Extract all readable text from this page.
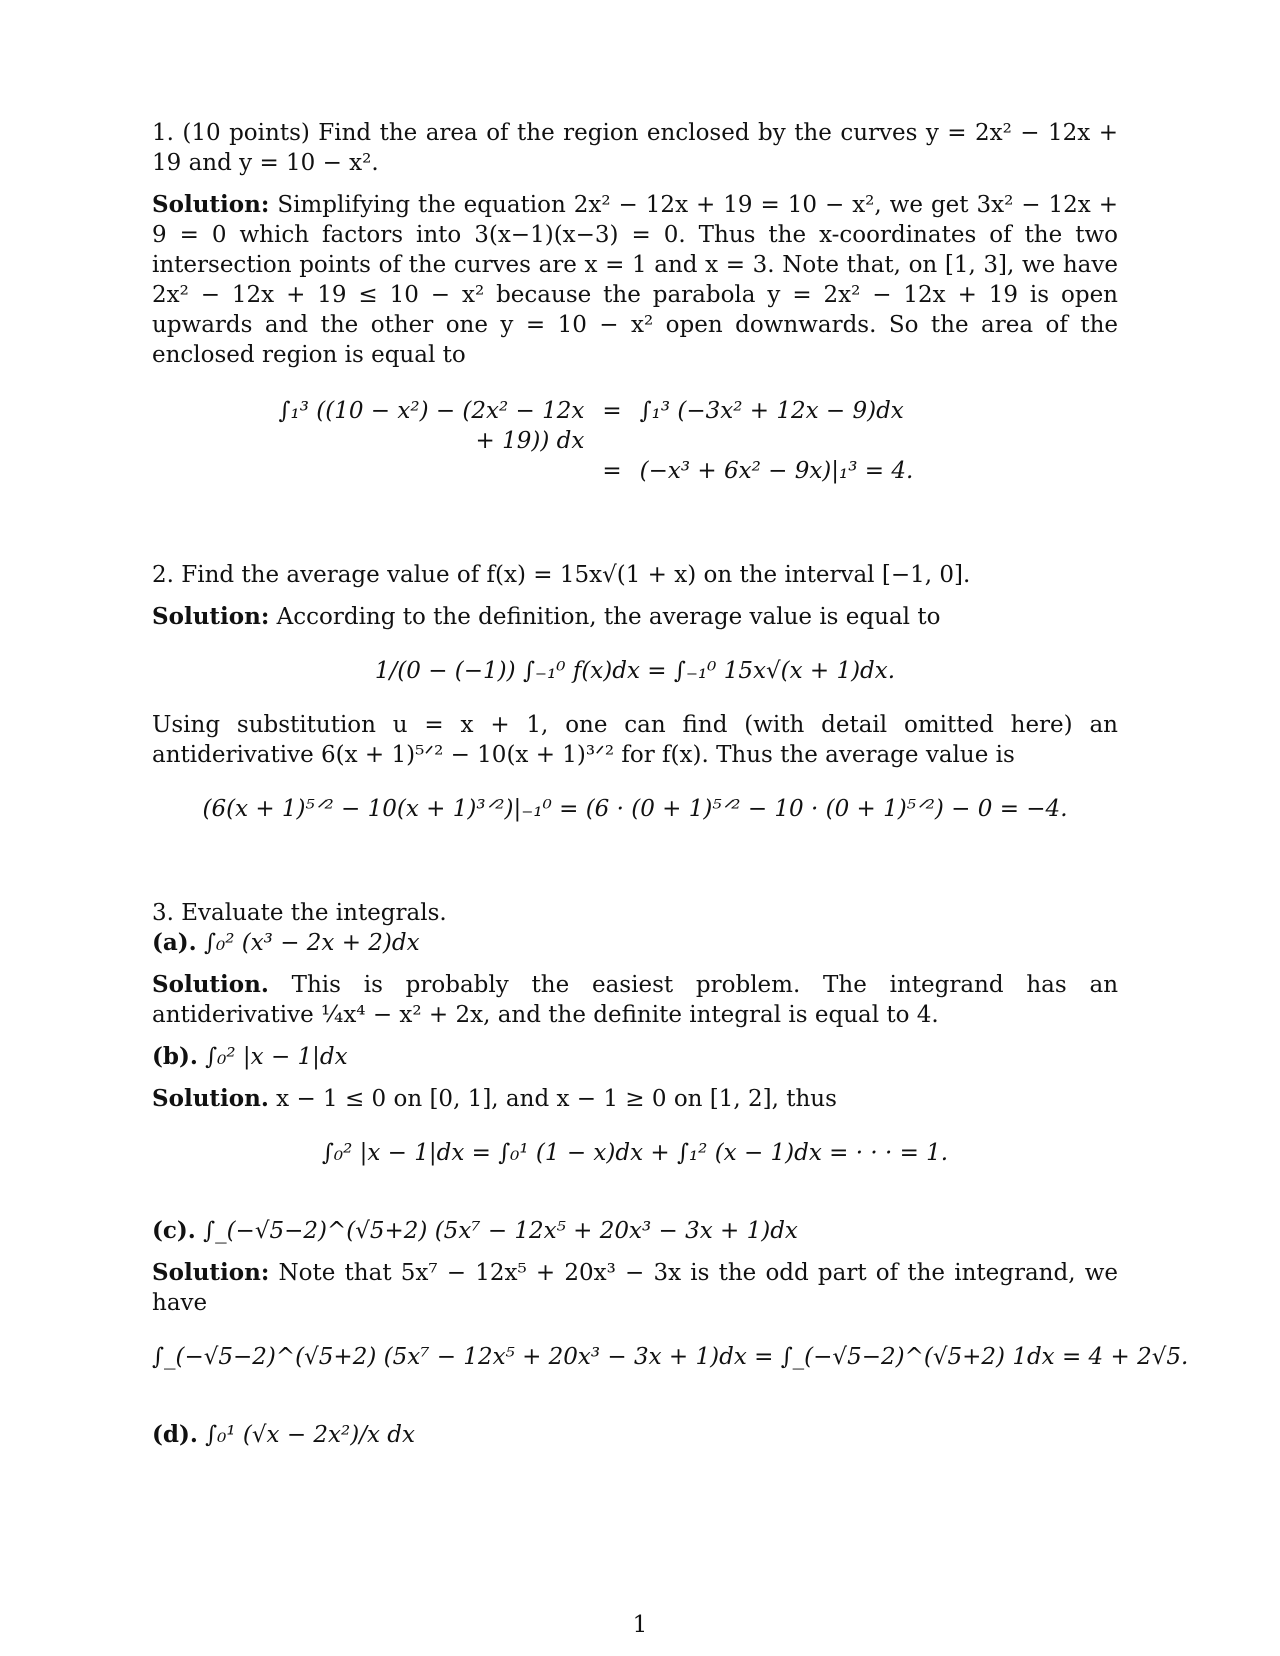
1. (10 points) Find the area of the region enclosed by the curves y = 2x² − 12x + 19 and y = 10 − x².

Solution: Simplifying the equation 2x² − 12x + 19 = 10 − x², we get 3x² − 12x + 9 = 0 which factors into 3(x−1)(x−3) = 0. Thus the x-coordinates of the two intersection points of the curves are x = 1 and x = 3. Note that, on [1, 3], we have 2x² − 12x + 19 ≤ 10 − x² because the parabola y = 2x² − 12x + 19 is open upwards and the other one y = 10 − x² open downwards. So the area of the enclosed region is equal to

∫₁³ ((10 − x²) − (2x² − 12x + 19)) dx
= ∫₁³ (−3x² + 12x − 9)dx
= (−x³ + 6x² − 9x)|₁³ = 4.

2. Find the average value of f(x) = 15x√(1 + x) on the interval [−1, 0].

Solution: According to the definition, the average value is equal to

1/(0 − (−1)) ∫₋₁⁰ f(x)dx = ∫₋₁⁰ 15x√(x + 1)dx.

Using substitution u = x + 1, one can find (with detail omitted here) an antiderivative 6(x + 1)⁵ᐟ² − 10(x + 1)³ᐟ² for f(x). Thus the average value is

(6(x + 1)⁵ᐟ² − 10(x + 1)³ᐟ²)|₋₁⁰ = (6 · (0 + 1)⁵ᐟ² − 10 · (0 + 1)⁵ᐟ²) − 0 = −4.

3. Evaluate the integrals.

(a). ∫₀² (x³ − 2x + 2)dx

Solution. This is probably the easiest problem. The integrand has an antiderivative ¼x⁴ − x² + 2x, and the definite integral is equal to 4.

(b). ∫₀² |x − 1|dx

Solution. x − 1 ≤ 0 on [0, 1], and x − 1 ≥ 0 on [1, 2], thus

∫₀² |x − 1|dx = ∫₀¹ (1 − x)dx + ∫₁² (x − 1)dx = · · · = 1.

(c). ∫_(−√5−2)^(√5+2) (5x⁷ − 12x⁵ + 20x³ − 3x + 1)dx

Solution: Note that 5x⁷ − 12x⁵ + 20x³ − 3x is the odd part of the integrand, we have

∫_(−√5−2)^(√5+2) (5x⁷ − 12x⁵ + 20x³ − 3x + 1)dx = ∫_(−√5−2)^(√5+2) 1dx = 4 + 2√5.

(d). ∫₀¹ (√x − 2x²)/x dx

1
